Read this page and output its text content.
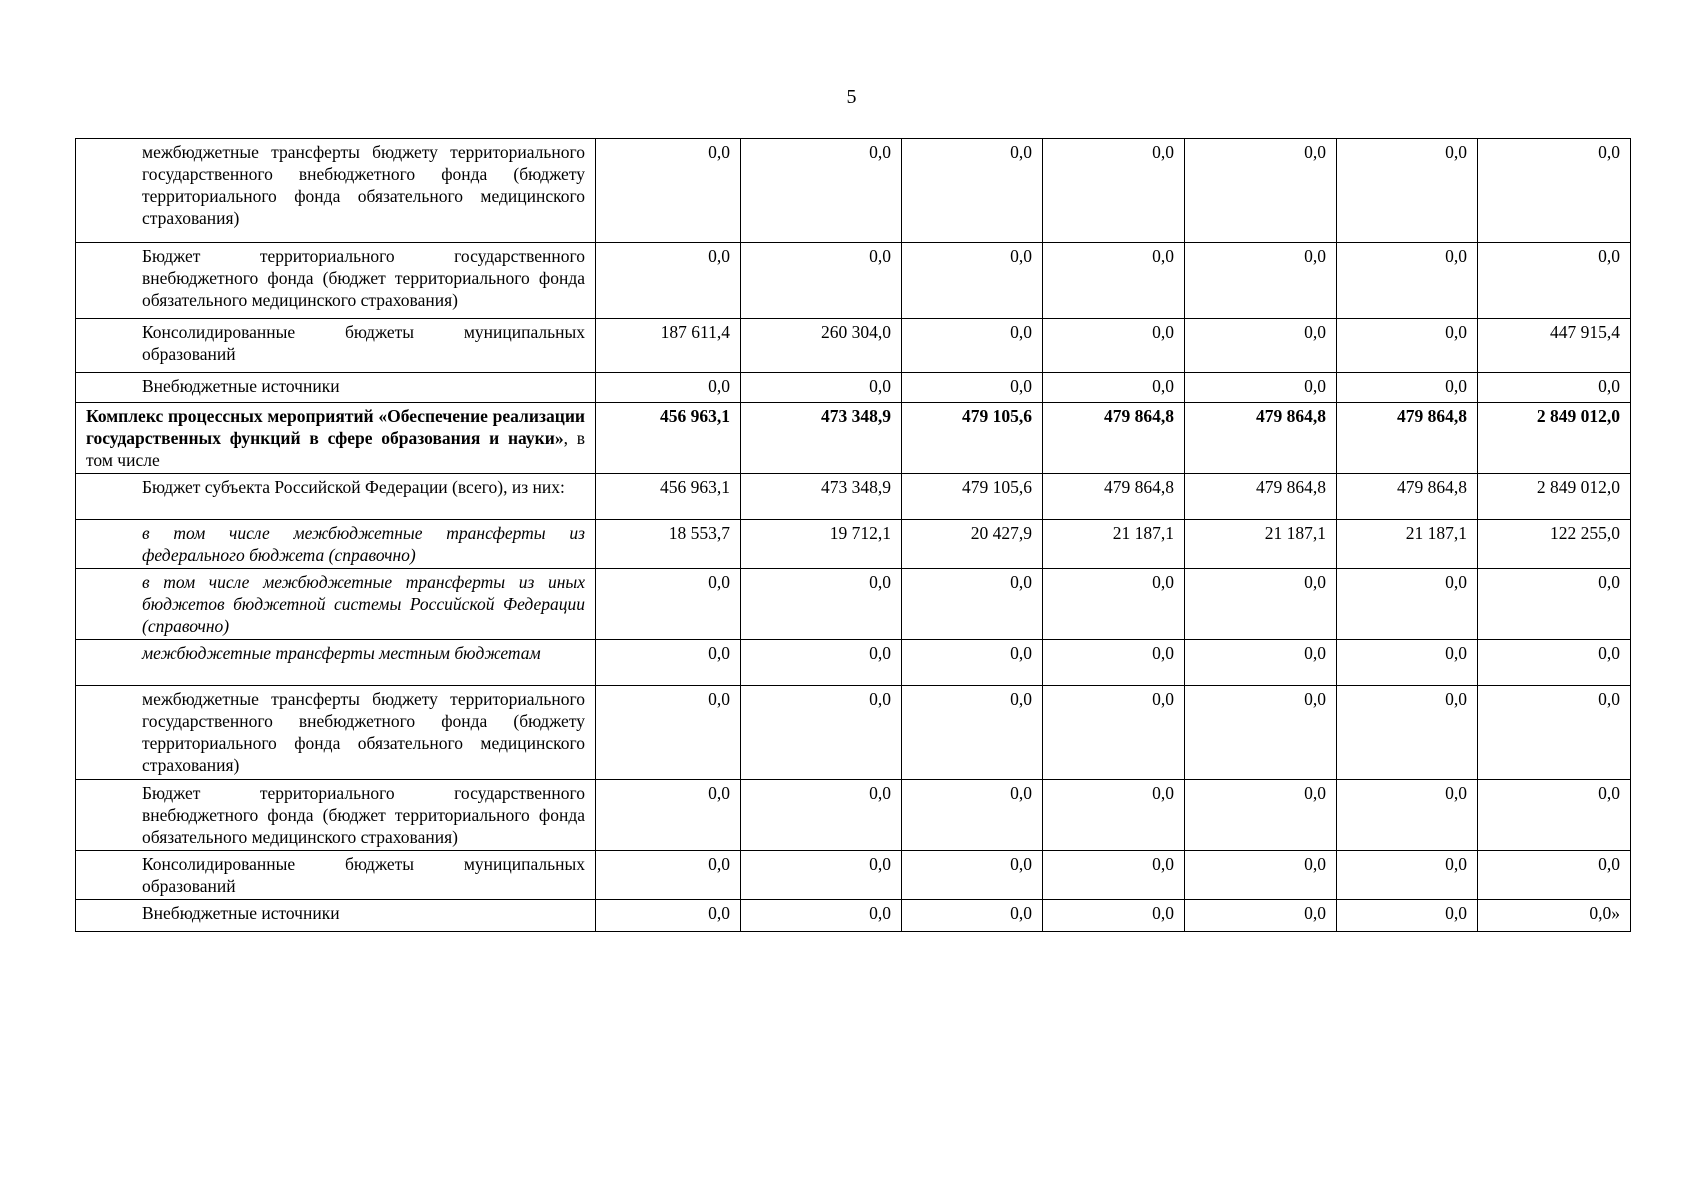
5
межбюджетные трансферты бюджету территориального государственного внебюджетного фонда (бюджету территориального фонда обязательного медицинского страхования)	0,0	0,0	0,0	0,0	0,0	0,0	0,0

Бюджет территориального государственного внебюджетного фонда (бюджет территориального фонда обязательного медицинского страхования)	0,0	0,0	0,0	0,0	0,0	0,0	0,0

Консолидированные бюджеты муниципальных образований	187 611,4	260 304,0	0,0	0,0	0,0	0,0	447 915,4

Внебюджетные источники	0,0	0,0	0,0	0,0	0,0	0,0	0,0

Комплекс процессных мероприятий «Обеспечение реализации государственных функций в сфере образования и науки», в том числе	456 963,1	473 348,9	479 105,6	479 864,8	479 864,8	479 864,8	2 849 012,0

Бюджет субъекта Российской Федерации (всего), из них:	456 963,1	473 348,9	479 105,6	479 864,8	479 864,8	479 864,8	2 849 012,0

в том числе межбюджетные трансферты из федерального бюджета (справочно)	18 553,7	19 712,1	20 427,9	21 187,1	21 187,1	21 187,1	122 255,0

в том числе межбюджетные трансферты из иных бюджетов бюджетной системы Российской Федерации (справочно)	0,0	0,0	0,0	0,0	0,0	0,0	0,0

межбюджетные трансферты местным бюджетам	0,0	0,0	0,0	0,0	0,0	0,0	0,0

межбюджетные трансферты бюджету территориального государственного внебюджетного фонда (бюджету территориального фонда обязательного медицинского страхования)	0,0	0,0	0,0	0,0	0,0	0,0	0,0

Бюджет территориального государственного внебюджетного фонда (бюджет территориального фонда обязательного медицинского страхования)	0,0	0,0	0,0	0,0	0,0	0,0	0,0

Консолидированные бюджеты муниципальных образований	0,0	0,0	0,0	0,0	0,0	0,0	0,0

Внебюджетные источники	0,0	0,0	0,0	0,0	0,0	0,0	0,0»
